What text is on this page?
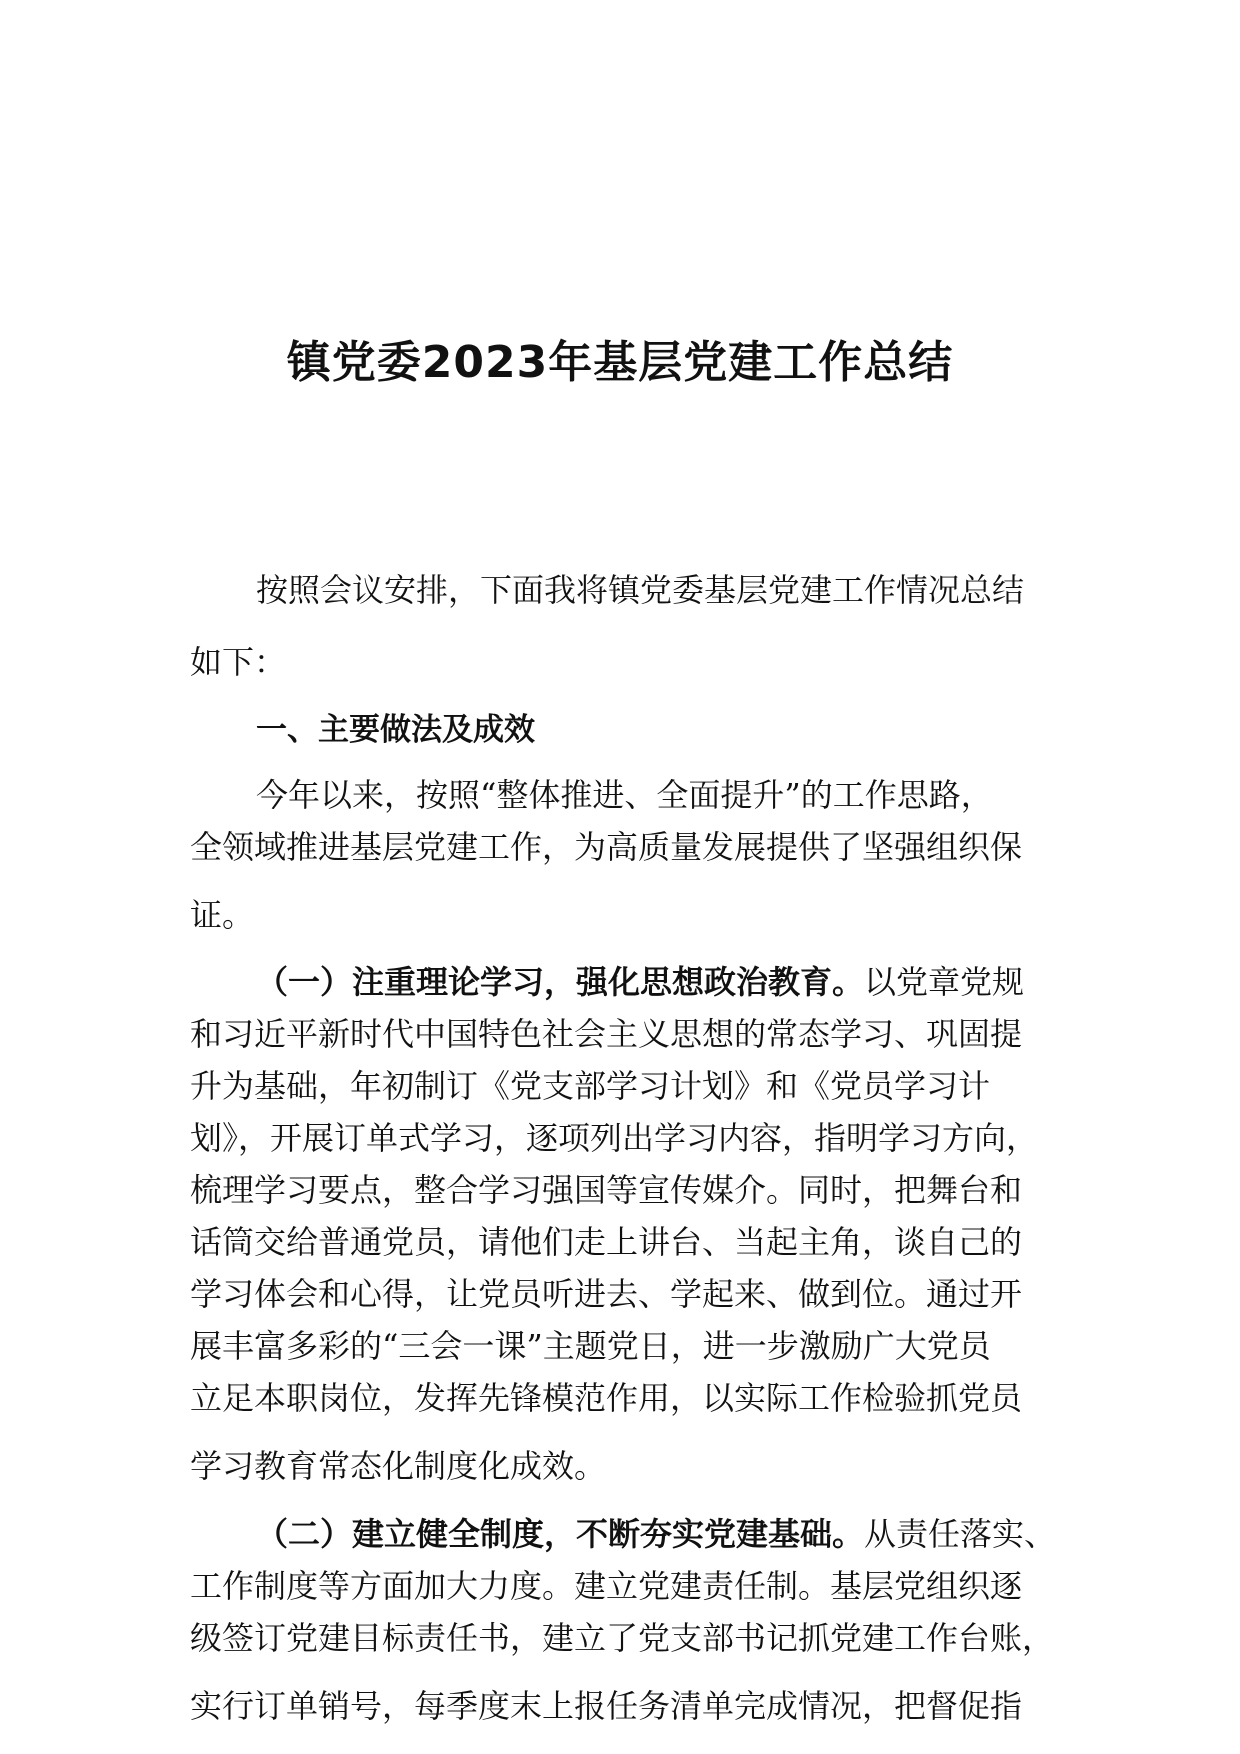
镇党委2023年基层党建工作总结

按照会议安排，下面我将镇党委基层党建工作情况总结

如下：

一、主要做法及成效

今年以来，按照“整体推进、全面提升”的工作思路，

全领域推进基层党建工作，为高质量发展提供了坚强组织保

证。

（一）注重理论学习，强化思想政治教育。以党章党规

和习近平新时代中国特色社会主义思想的常态学习、巩固提

升为基础，年初制订《党支部学习计划》和《党员学习计

划》，开展订单式学习，逐项列出学习内容，指明学习方向，

梳理学习要点，整合学习强国等宣传媒介。同时，把舞台和

话筒交给普通党员，请他们走上讲台、当起主角，谈自己的

学习体会和心得，让党员听进去、学起来、做到位。通过开

展丰富多彩的“三会一课”主题党日，进一步激励广大党员

立足本职岗位，发挥先锋模范作用，以实际工作检验抓党员

学习教育常态化制度化成效。

（二）建立健全制度，不断夯实党建基础。从责任落实、

工作制度等方面加大力度。建立党建责任制。基层党组织逐

级签订党建目标责任书，建立了党支部书记抓党建工作台账，

实行订单销号，每季度末上报任务清单完成情况，把督促指
